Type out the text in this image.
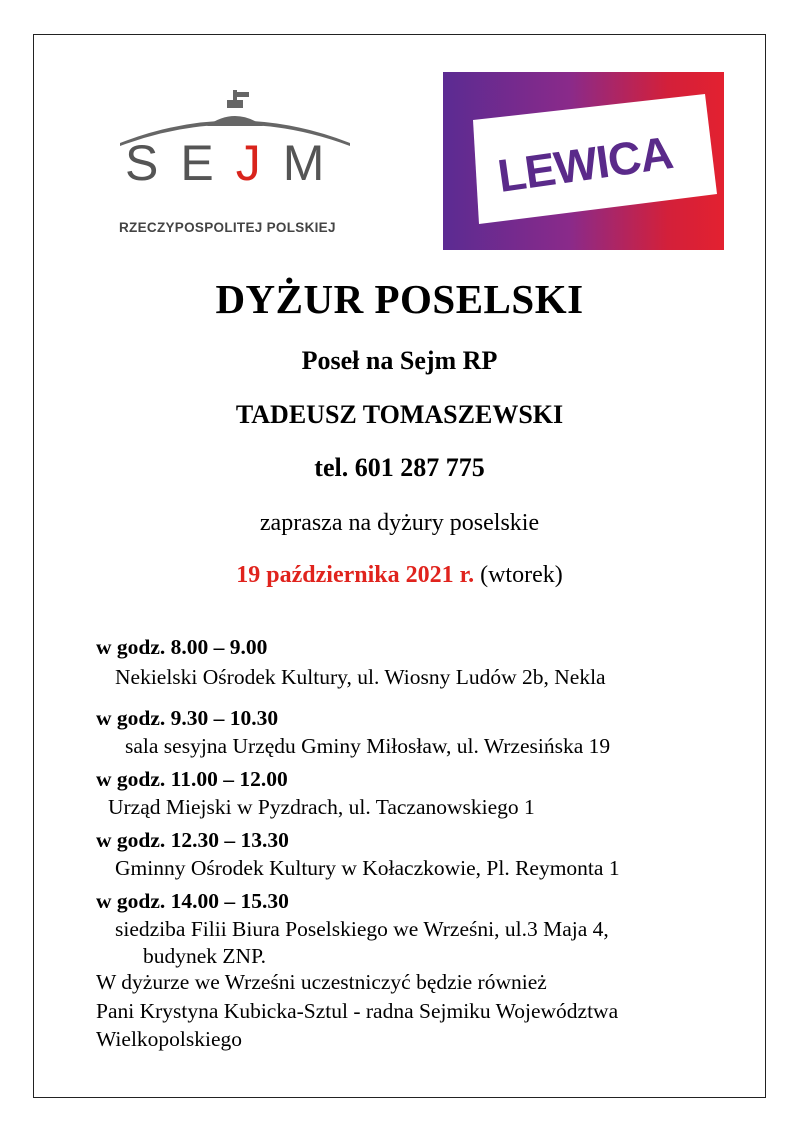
SEJM
RZECZYPOSPOLITEJ POLSKIEJ
LEWICA
DYŻUR POSELSKI
Poseł na Sejm RP
TADEUSZ TOMASZEWSKI
tel. 601 287 775
zaprasza na dyżury poselskie
19 października 2021 r. (wtorek)
w godz. 8.00 – 9.00
Nekielski Ośrodek Kultury, ul. Wiosny Ludów 2b, Nekla
w godz. 9.30 – 10.30
sala sesyjna Urzędu Gminy Miłosław, ul. Wrzesińska 19
w godz. 11.00 – 12.00
Urząd Miejski w Pyzdrach, ul. Taczanowskiego 1
w godz. 12.30 – 13.30
Gminny Ośrodek Kultury w Kołaczkowie, Pl. Reymonta 1
w godz. 14.00 – 15.30
siedziba Filii Biura Poselskiego we Wrześni, ul.3 Maja 4,
budynek ZNP.
W dyżurze we Wrześni uczestniczyć będzie również
Pani Krystyna Kubicka-Sztul - radna Sejmiku Województwa
Wielkopolskiego
